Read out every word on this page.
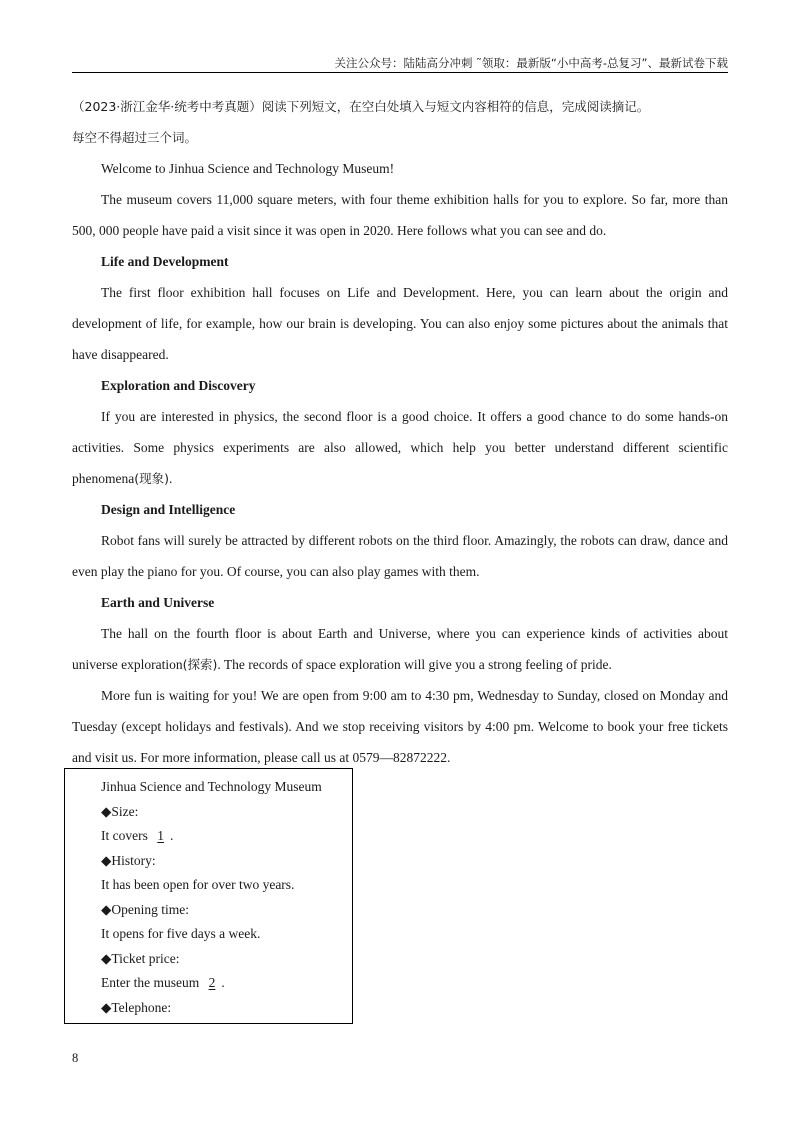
关注公众号：陆陆高分冲刺 ˜领取：最新版“小中高考-总复习”、最新试卷下载

（2023·浙江金华·统考中考真题）阅读下列短文，在空白处填入与短文内容相符的信息，完成阅读摘记。

每空不得超过三个词。

Welcome to Jinhua Science and Technology Museum!

The museum covers 11,000 square meters, with four theme exhibition halls for you to explore. So far, more than 500, 000 people have paid a visit since it was open in 2020. Here follows what you can see and do.

Life and Development

The first floor exhibition hall focuses on Life and Development. Here, you can learn about the origin and development of life, for example, how our brain is developing. You can also enjoy some pictures about the animals that have disappeared.

Exploration and Discovery

If you are interested in physics, the second floor is a good choice. It offers a good chance to do some hands-on activities. Some physics experiments are also allowed, which help you better understand different scientific phenomena(现象).

Design and Intelligence

Robot fans will surely be attracted by different robots on the third floor. Amazingly, the robots can draw, dance and even play the piano for you. Of course, you can also play games with them.

Earth and Universe

The hall on the fourth floor is about Earth and Universe, where you can experience kinds of activities about universe exploration(探索). The records of space exploration will give you a strong feeling of pride.

More fun is waiting for you! We are open from 9:00 am to 4:30 pm, Wednesday to Sunday, closed on Monday and Tuesday (except holidays and festivals). And we stop receiving visitors by 4:00 pm. Welcome to book your free tickets and visit us. For more information, please call us at 0579—82872222.

Jinhua Science and Technology Museum
◆Size:
It covers 1 .
◆History:
It has been open for over two years.
◆Opening time:
It opens for five days a week.
◆Ticket price:
Enter the museum 2 .
◆Telephone:
8
